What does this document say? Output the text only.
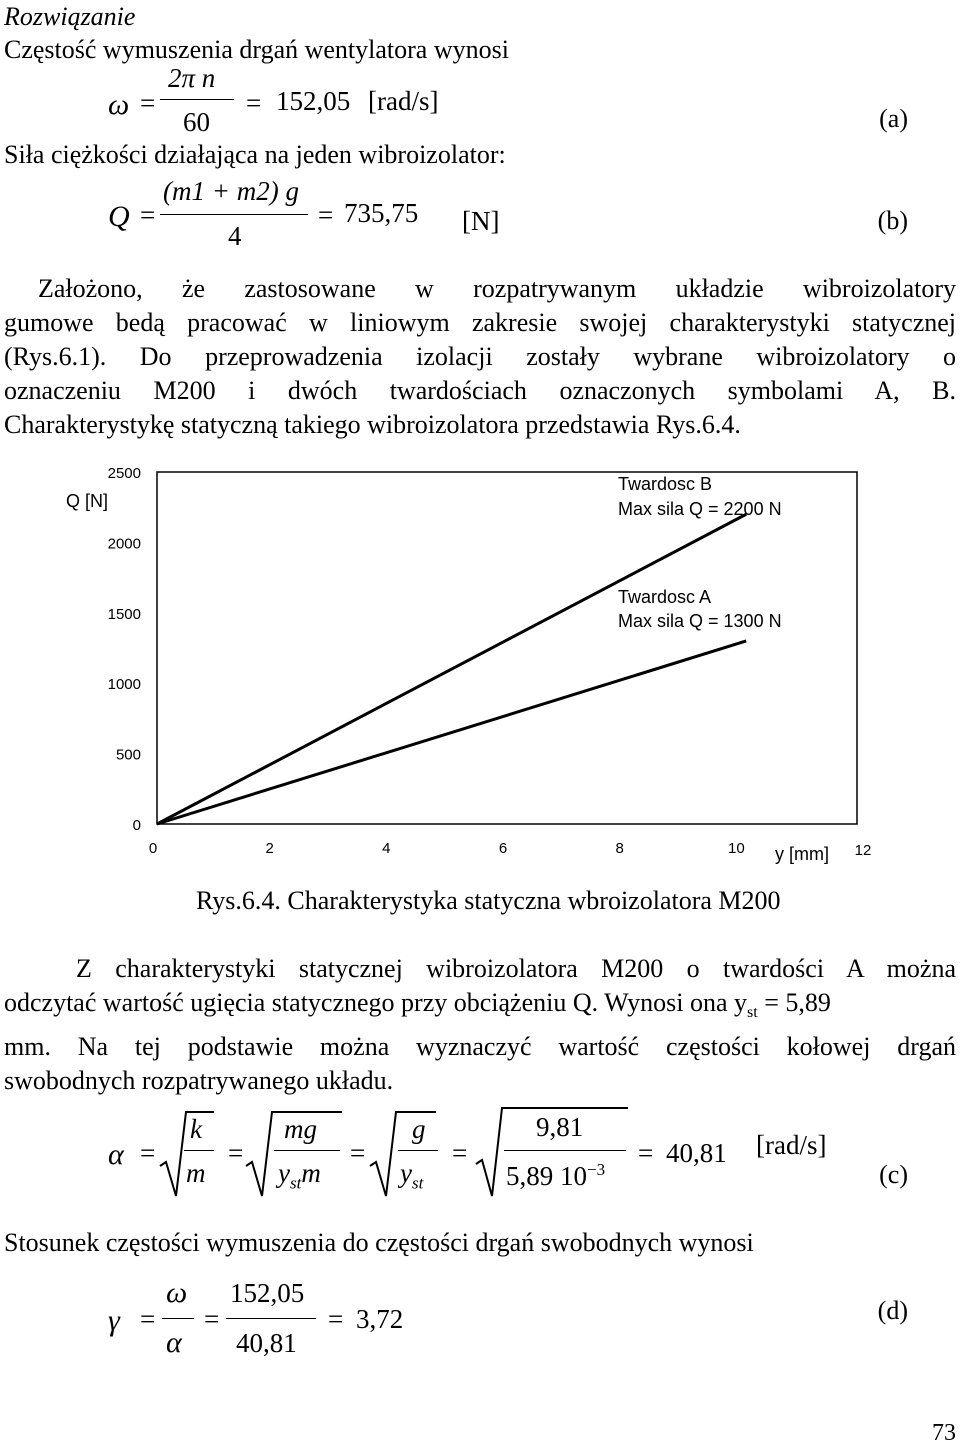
Rozwiązanie
Częstość wymuszenia drgań wentylatora wynosi
ω =
2π n
60
= 152,05 [rad/s]
(a)
Siła ciężkości działająca na jeden wibroizolator:
Q =
(m1 + m2) g
4
= 735,75 [N]	(b)
Założono, że zastosowane w rozpatrywanym układzie wibroizolatory
gumowe bedą pracować w liniowym zakresie swojej charakterystyki statycznej
(Rys.6.1). Do przeprowadzenia izolacji zostały wybrane wibroizolatory o
oznaczeniu M200 i dwóch twardościach oznaczonych symbolami A, B.
Charakterystykę statyczną takiego wibroizolatora przedstawia Rys.6.4.
2500
2000
1500
1000
500
0
0	2	4	6	8	10	12
Q [N]
y [mm]
Twardosc B
Max sila Q = 2200 N
Twardosc A
Max sila Q = 1300 N
Rys.6.4. Charakterystyka statyczna wbroizolatora M200
Z charakterystyki statycznej wibroizolatora M200 o twardości A można
odczytać wartość ugięcia statycznego przy obciążeniu Q. Wynosi ona $y_{st} = 5,89$
mm. Na tej podstawie można wyznaczyć wartość częstości kołowej drgań
swobodnych rozpatrywanego układu.
α =
k
m
=
mg
$y_{st}m$
=
g
$y_{st}$
=
9,81
5,89 $10^{-3}$
= 40,81 [rad/s]
(c)
Stosunek częstości wymuszenia do częstości drgań swobodnych wynosi
γ =
ω
α
=
152,05
40,81
= 3,72	(d)
73
